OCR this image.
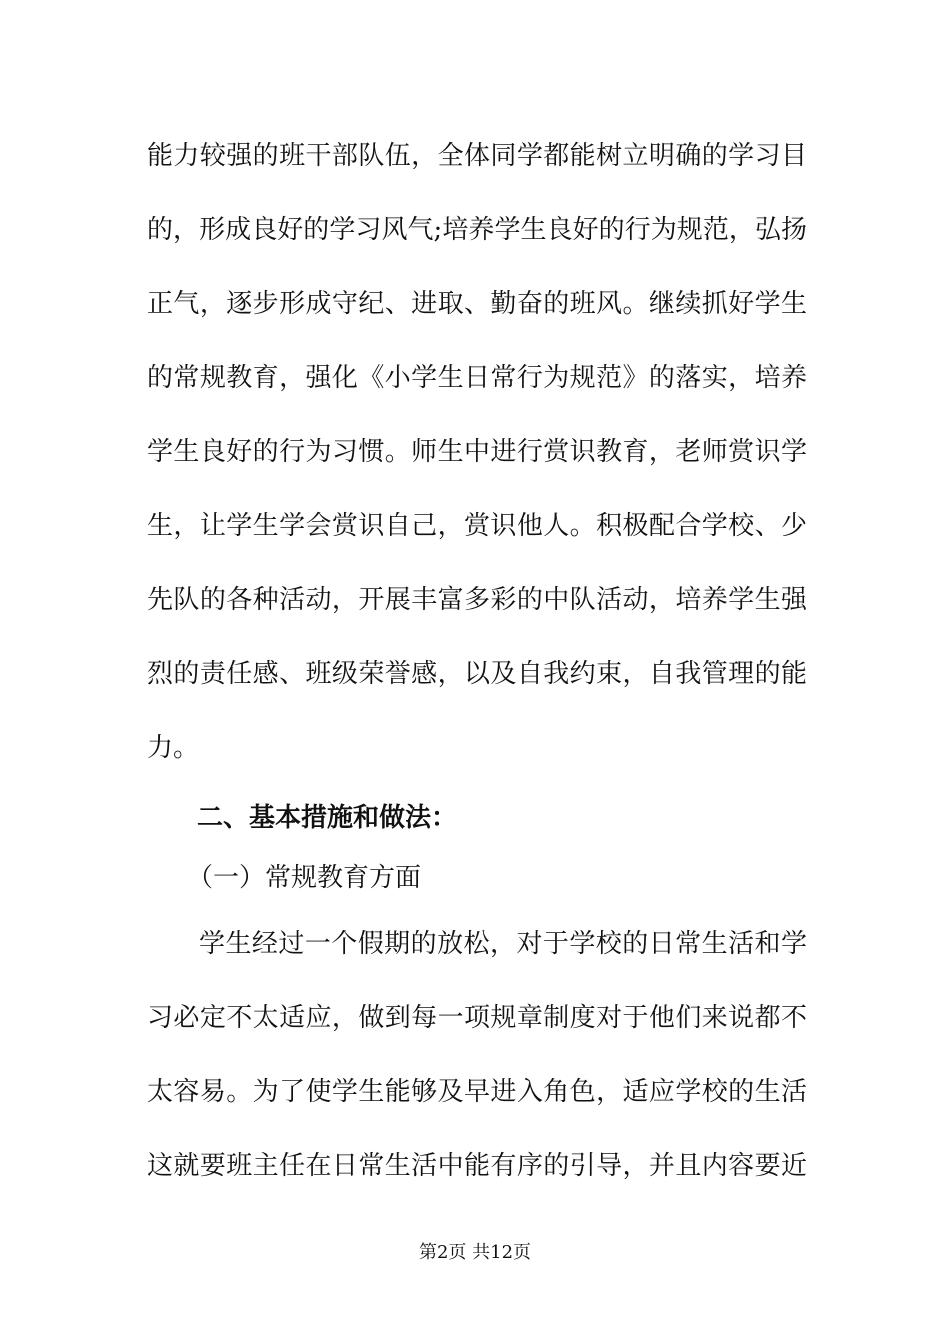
能力较强的班干部队伍，全体同学都能树立明确的学习目
的，形成良好的学习风气;培养学生良好的行为规范，弘扬
正气，逐步形成守纪、进取、勤奋的班风。继续抓好学生
的常规教育，强化《小学生日常行为规范》的落实，培养
学生良好的行为习惯。师生中进行赏识教育，老师赏识学
生，让学生学会赏识自己，赏识他人。积极配合学校、少
先队的各种活动，开展丰富多彩的中队活动，培养学生强
烈的责任感、班级荣誉感，以及自我约束，自我管理的能
力。
二、基本措施和做法：
（一）常规教育方面
学生经过一个假期的放松，对于学校的日常生活和学
习必定不太适应，做到每一项规章制度对于他们来说都不
太容易。为了使学生能够及早进入角色，适应学校的生活
这就要班主任在日常生活中能有序的引导，并且内容要近
第2页 共12页
